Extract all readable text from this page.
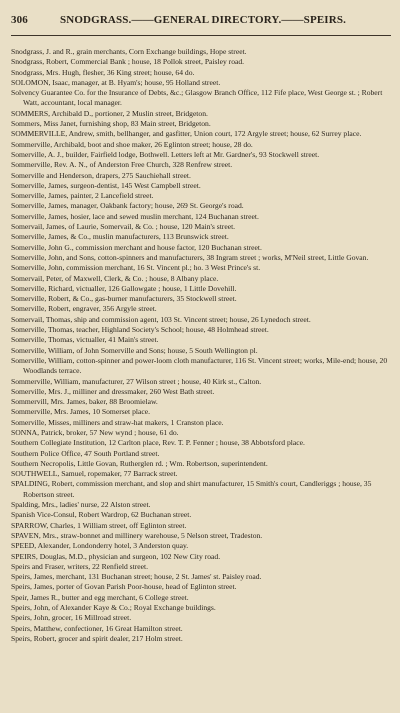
306	SNODGRASS.——GENERAL DIRECTORY.——SPEIRS.

Snodgrass, J. and R., grain merchants, Corn Exchange buildings, Hope street.

Snodgrass, Robert, Commercial Bank ; house, 18 Pollok street, Paisley road.

Snodgrass, Mrs. Hugh, flesher, 36 King street; house, 64 do.

SOLOMON, Isaac, manager, at B. Hyam's; house, 95 Holland street.

Solvency Guarantee Co. for the Insurance of Debts, &c.; Glasgow Branch Office, 112 Fife place, West George st. ; Robert Watt, accountant, local manager.

SOMMERS, Archibald D., portioner, 2 Muslin street, Bridgeton.

Sommers, Miss Janet, furnishing shop, 83 Main street, Bridgeton.

SOMMERVILLE, Andrew, smith, bellhanger, and gasfitter, Union court, 172 Argyle street; house, 62 Surrey place.

Sommerville, Archibald, boot and shoe maker, 26 Eglinton street; house, 28 do.

Somerville, A. J., builder, Fairfield lodge, Bothwell. Letters left at Mr. Gardner's, 93 Stockwell street.

Sommerville, Rev. A. N., of Anderston Free Church, 328 Renfrew street.

Somerville and Henderson, drapers, 275 Sauchiehall street.

Somerville, James, surgeon-dentist, 145 West Campbell street.

Somerville, James, painter, 2 Lancefield street.

Somerville, James, manager, Oakbank factory; house, 269 St. George's road.

Somerville, James, hosier, lace and sewed muslin merchant, 124 Buchanan street.

Somervail, James, of Laurie, Somervail, & Co. ; house, 120 Main's street.

Somerville, James, & Co., muslin manufacturers, 113 Brunswick street.

Somerville, John G., commission merchant and house factor, 120 Buchanan street.

Somerville, John, and Sons, cotton-spinners and manufacturers, 38 Ingram street ; works, M'Neil street, Little Govan.

Somerville, John, commission merchant, 16 St. Vincent pl.; ho. 3 West Prince's st.

Somervail, Peter, of Maxwell, Clerk, & Co. ; house, 8 Albany place.

Somerville, Richard, victualler, 126 Gallowgate ; house, 1 Little Dovehill.

Somerville, Robert, & Co., gas-burner manufacturers, 35 Stockwell street.

Somerville, Robert, engraver, 356 Argyle street.

Somervail, Thomas, ship and commission agent, 103 St. Vincent street; house, 26 Lynedoch street.

Somerville, Thomas, teacher, Highland Society's School; house, 48 Holmhead street.

Somerville, Thomas, victualler, 41 Main's street.

Somerville, William, of John Somerville and Sons; house, 5 South Wellington pl.

Somerville, William, cotton-spinner and power-loom cloth manufacturer, 116 St. Vincent street; works, Mile-end; house, 20 Woodlands terrace.

Sommerville, William, manufacturer, 27 Wilson street ; house, 40 Kirk st., Calton.

Somerville, Mrs. J., milliner and dressmaker, 260 West Bath street.

Sommervill, Mrs. James, baker, 88 Broomielaw.

Sommerville, Mrs. James, 10 Somerset place.

Somerville, Misses, milliners and straw-hat makers, 1 Cranston place.

SONNA, Patrick, broker, 57 New wynd ; house, 61 do.

Southern Collegiate Institution, 12 Carlton place, Rev. T. P. Fenner ; house, 38 Abbotsford place.

Southern Police Office, 47 South Portland street.

Southern Necropolis, Little Govan, Rutherglen rd. ; Wm. Robertson, superintendent.

SOUTHWELL, Samuel, ropemaker, 77 Barrack street.

SPALDING, Robert, commission merchant, and slop and shirt manufacturer, 15 Smith's court, Candleriggs ; house, 35 Robertson street.

Spalding, Mrs., ladies' nurse, 22 Alston street.

Spanish Vice-Consul, Robert Wardrop, 62 Buchanan street.

SPARROW, Charles, 1 William street, off Eglinton street.

SPAVEN, Mrs., straw-bonnet and millinery warehouse, 5 Nelson street, Tradeston.

SPEED, Alexander, Londonderry hotel, 3 Anderston quay.

SPEIRS, Douglas, M.D., physician and surgeon, 102 New City road.

Speirs and Fraser, writers, 22 Renfield street.

Speirs, James, merchant, 131 Buchanan street; house, 2 St. James' st. Paisley road.

Speirs, James, porter of Govan Parish Poor-house, head of Eglinton street.

Speir, James R., butter and egg merchant, 6 College street.

Speirs, John, of Alexander Kaye & Co.; Royal Exchange buildings.

Speirs, John, grocer, 16 Millroad street.

Speirs, Matthew, confectioner, 16 Great Hamilton street.

Speirs, Robert, grocer and spirit dealer, 217 Holm street.
